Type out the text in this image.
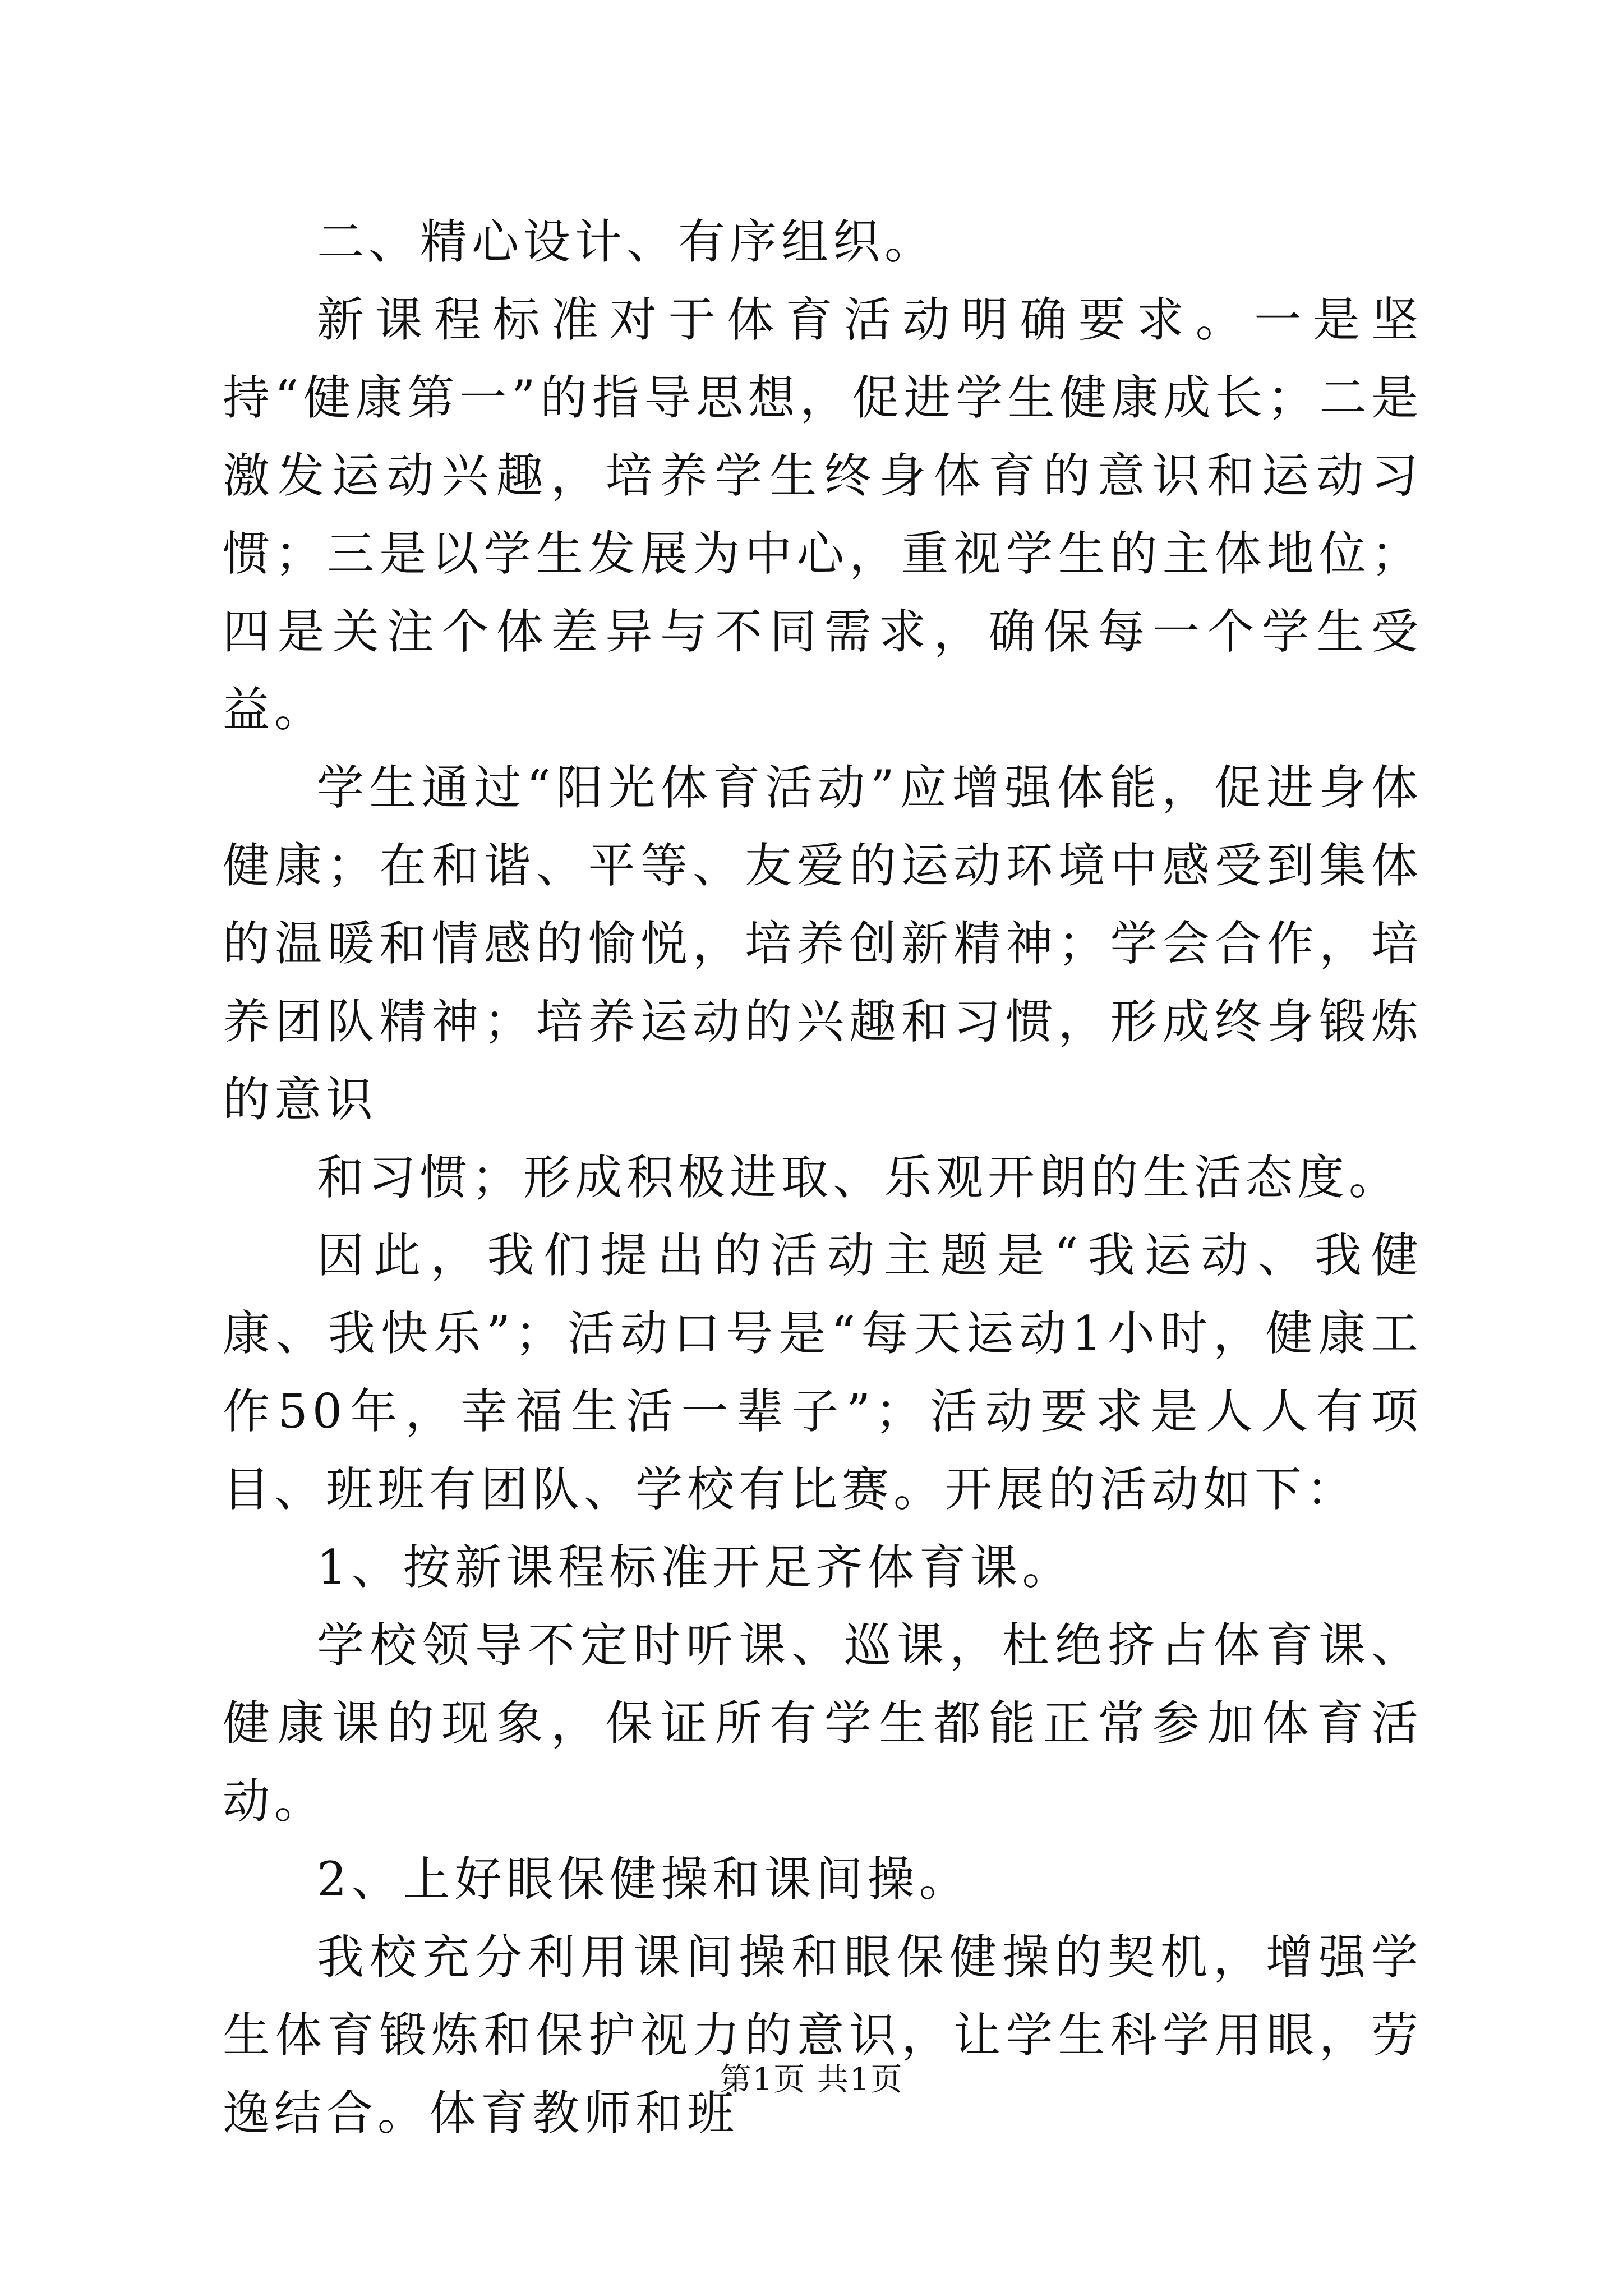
二、精心设计、有序组织。

新课程标准对于体育活动明确要求。一是坚持“健康第一”的指导思想，促进学生健康成长；二是激发运动兴趣，培养学生终身体育的意识和运动习惯；三是以学生发展为中心，重视学生的主体地位；四是关注个体差异与不同需求，确保每一个学生受益。

学生通过“阳光体育活动”应增强体能，促进身体健康；在和谐、平等、友爱的运动环境中感受到集体的温暖和情感的愉悦，培养创新精神；学会合作，培养团队精神；培养运动的兴趣和习惯，形成终身锻炼的意识

和习惯；形成积极进取、乐观开朗的生活态度。

因此，我们提出的活动主题是“我运动、我健康、我快乐”；活动口号是“每天运动1小时，健康工作50年，幸福生活一辈子”；活动要求是人人有项目、班班有团队、学校有比赛。开展的活动如下：

1、按新课程标准开足齐体育课。

学校领导不定时听课、巡课，杜绝挤占体育课、健康课的现象，保证所有学生都能正常参加体育活动。

2、上好眼保健操和课间操。

我校充分利用课间操和眼保健操的契机，增强学生体育锻炼和保护视力的意识，让学生科学用眼，劳逸结合。体育教师和班

第1页 共1页
